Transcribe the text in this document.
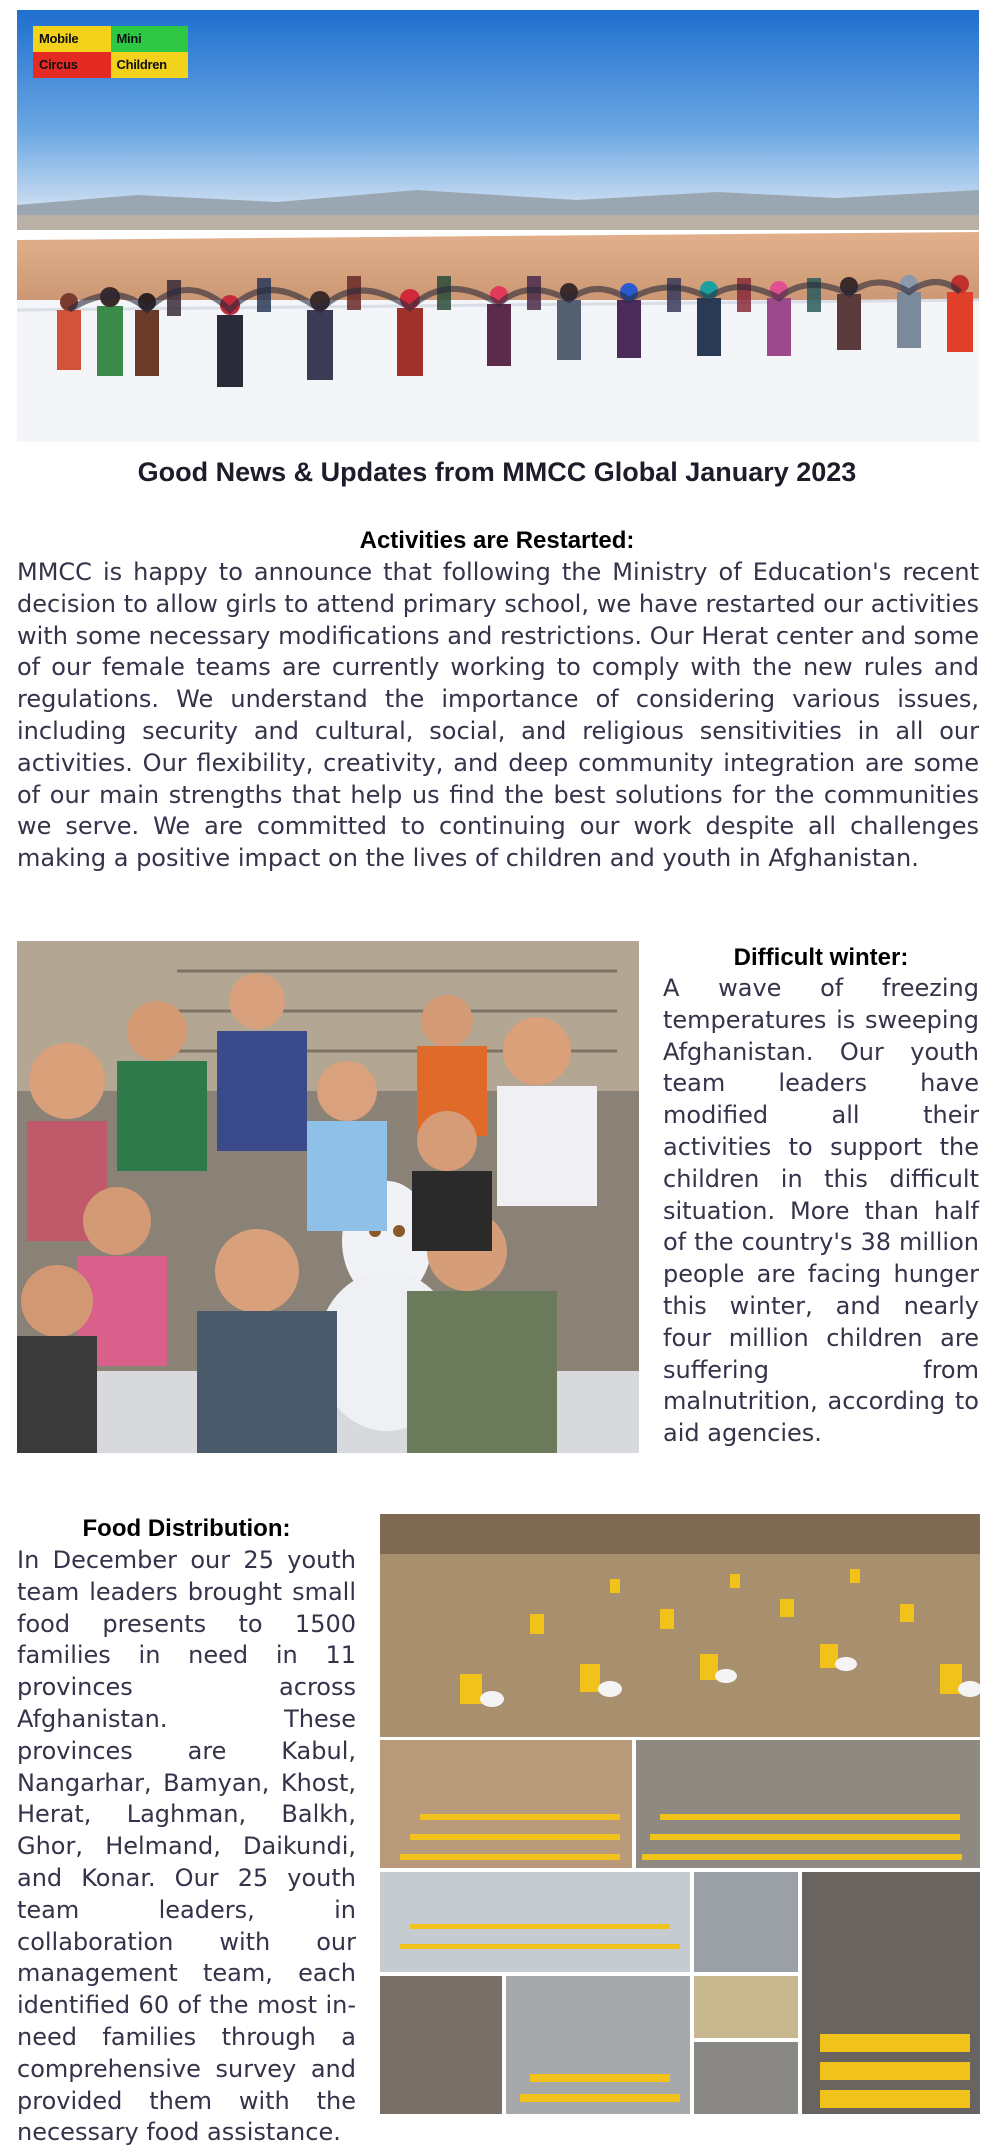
Mobile	Mini
Circus	Children
Good News & Updates from MMCC Global January 2023
Activities are Restarted:

MMCC is happy to announce that following the Ministry of Education's recent decision to allow girls to attend primary school, we have restarted our activities with some necessary modifications and restrictions. Our Herat center and some of our female teams are currently working to comply with the new rules and regulations. We understand the importance of considering various issues, including security and cultural, social, and religious sensitivities in all our activities. Our flexibility, creativity, and deep community integration are some of our main strengths that help us find the best solutions for the communities we serve. We are committed to continuing our work despite all challenges making a positive impact on the lives of children and youth in Afghanistan.

Difficult winter:

A wave of freezing temperatures is sweeping Afghanistan. Our youth team leaders have modified all their activities to support the children in this difficult situation. More than half of the country's 38 million people are facing hunger this winter, and nearly four million children are suffering from malnutrition, according to aid agencies.

Food Distribution:

In December our 25 youth team leaders brought small food presents to 1500 families in need in 11 provinces across Afghanistan. These provinces are Kabul, Nangarhar, Bamyan, Khost, Herat, Laghman, Balkh, Ghor, Helmand, Daikundi, and Konar. Our 25 youth team leaders, in collaboration with our management team, each identified 60 of the most in-need families through a comprehensive survey and provided them with the necessary food assistance.
